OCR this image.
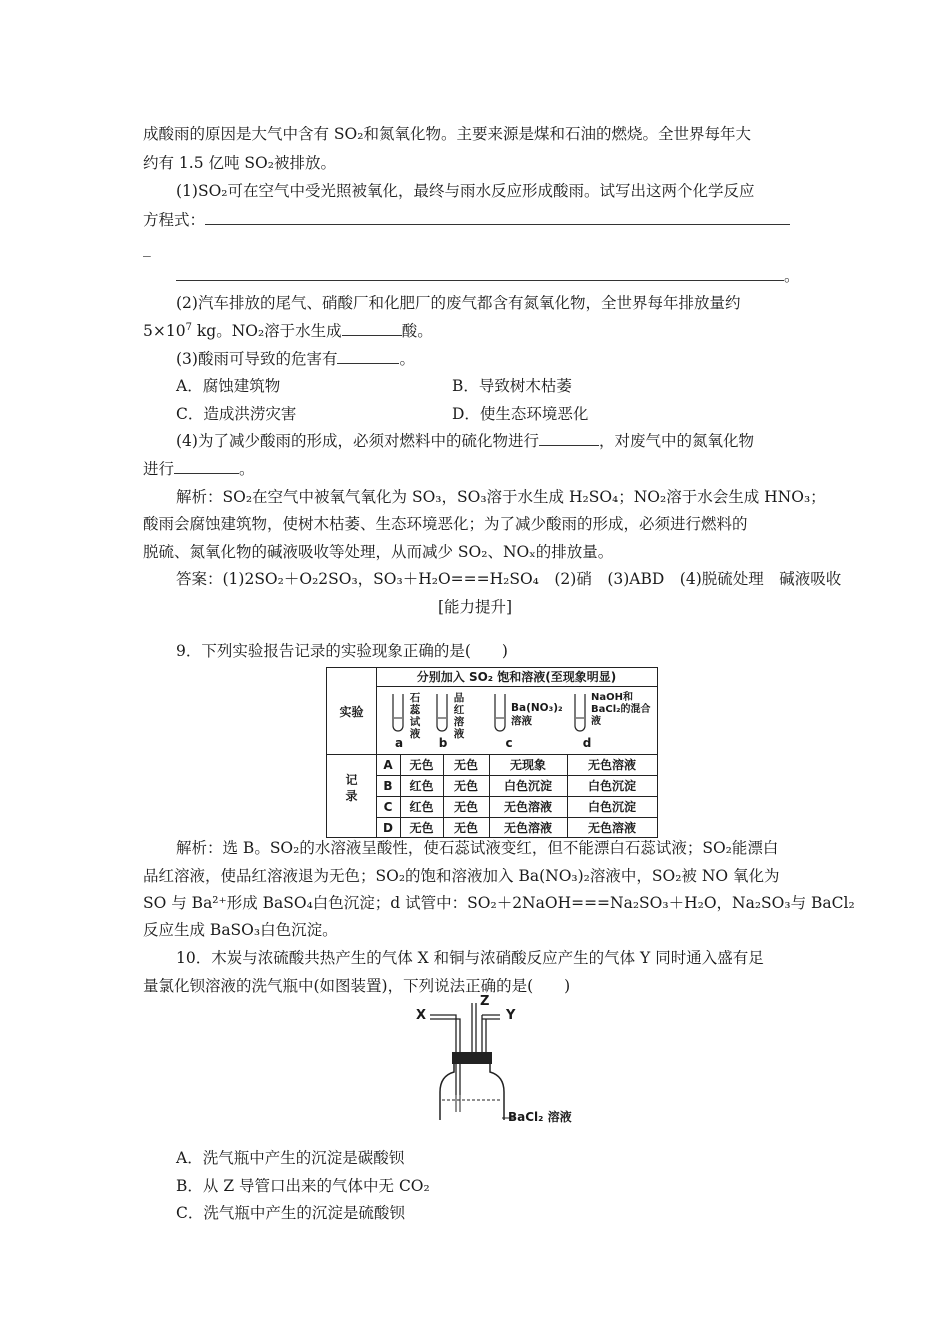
成酸雨的原因是大气中含有 SO₂和氮氧化物。主要来源是煤和石油的燃烧。全世界每年大
约有 1.5 亿吨 SO₂被排放。
(1)SO₂可在空气中受光照被氧化，最终与雨水反应形成酸雨。试写出这两个化学反应
方程式：
_
。
(2)汽车排放的尾气、硝酸厂和化肥厂的废气都含有氮氧化物，全世界每年排放量约
$5\times 10^7$ kg。NO₂溶于水生成	酸。
(3)酸雨可导致的危害有	。
A．腐蚀建筑物	B．导致树木枯萎
C．造成洪涝灾害	D．使生态环境恶化
(4)为了减少酸雨的形成，必须对燃料中的硫化物进行	，对废气中的氮氧化物
进行	。
解析：SO₂在空气中被氧气氧化为 SO₃，SO₃溶于水生成 H₂SO₄；NO₂溶于水会生成 HNO₃；
酸雨会腐蚀建筑物，使树木枯萎、生态环境恶化；为了减少酸雨的形成，必须进行燃料的
脱硫、氮氧化物的碱液吸收等处理，从而减少 SO₂、NOₓ的排放量。
答案：(1)2SO₂＋O₂2SO₃，SO₃＋H₂O===H₂SO₄　(2)硝　(3)ABD　(4)脱硫处理　碱液吸收
[能力提升]
9．下列实验报告记录的实验现象正确的是(　　)
分别加入 SO₂ 饱和溶液(至现象明显)
实验
记录
石蕊试液
a
品红溶液
b
Ba(NO₃)₂溶液
c
NaOH和BaCl₂的混合液
d
A	无色	无色	无现象	无色溶液
B	红色	无色	白色沉淀	白色沉淀
C	红色	无色	无色溶液	白色沉淀
D	无色	无色	无色溶液	无色溶液
解析：选 B。SO₂的水溶液呈酸性，使石蕊试液变红，但不能漂白石蕊试液；SO₂能漂白
品红溶液，使品红溶液退为无色；SO₂的饱和溶液加入 Ba(NO₃)₂溶液中，SO₂被 NO 氧化为
SO 与 Ba²⁺形成 BaSO₄白色沉淀；d 试管中：SO₂＋2NaOH===Na₂SO₃＋H₂O，Na₂SO₃与 BaCl₂
反应生成 BaSO₃白色沉淀。
10．木炭与浓硫酸共热产生的气体 X 和铜与浓硝酸反应产生的气体 Y 同时通入盛有足
量氯化钡溶液的洗气瓶中(如图装置)，下列说法正确的是(　　)
X
Z
Y
BaCl₂ 溶液
A．洗气瓶中产生的沉淀是碳酸钡
B．从 Z 导管口出来的气体中无 CO₂
C．洗气瓶中产生的沉淀是硫酸钡
